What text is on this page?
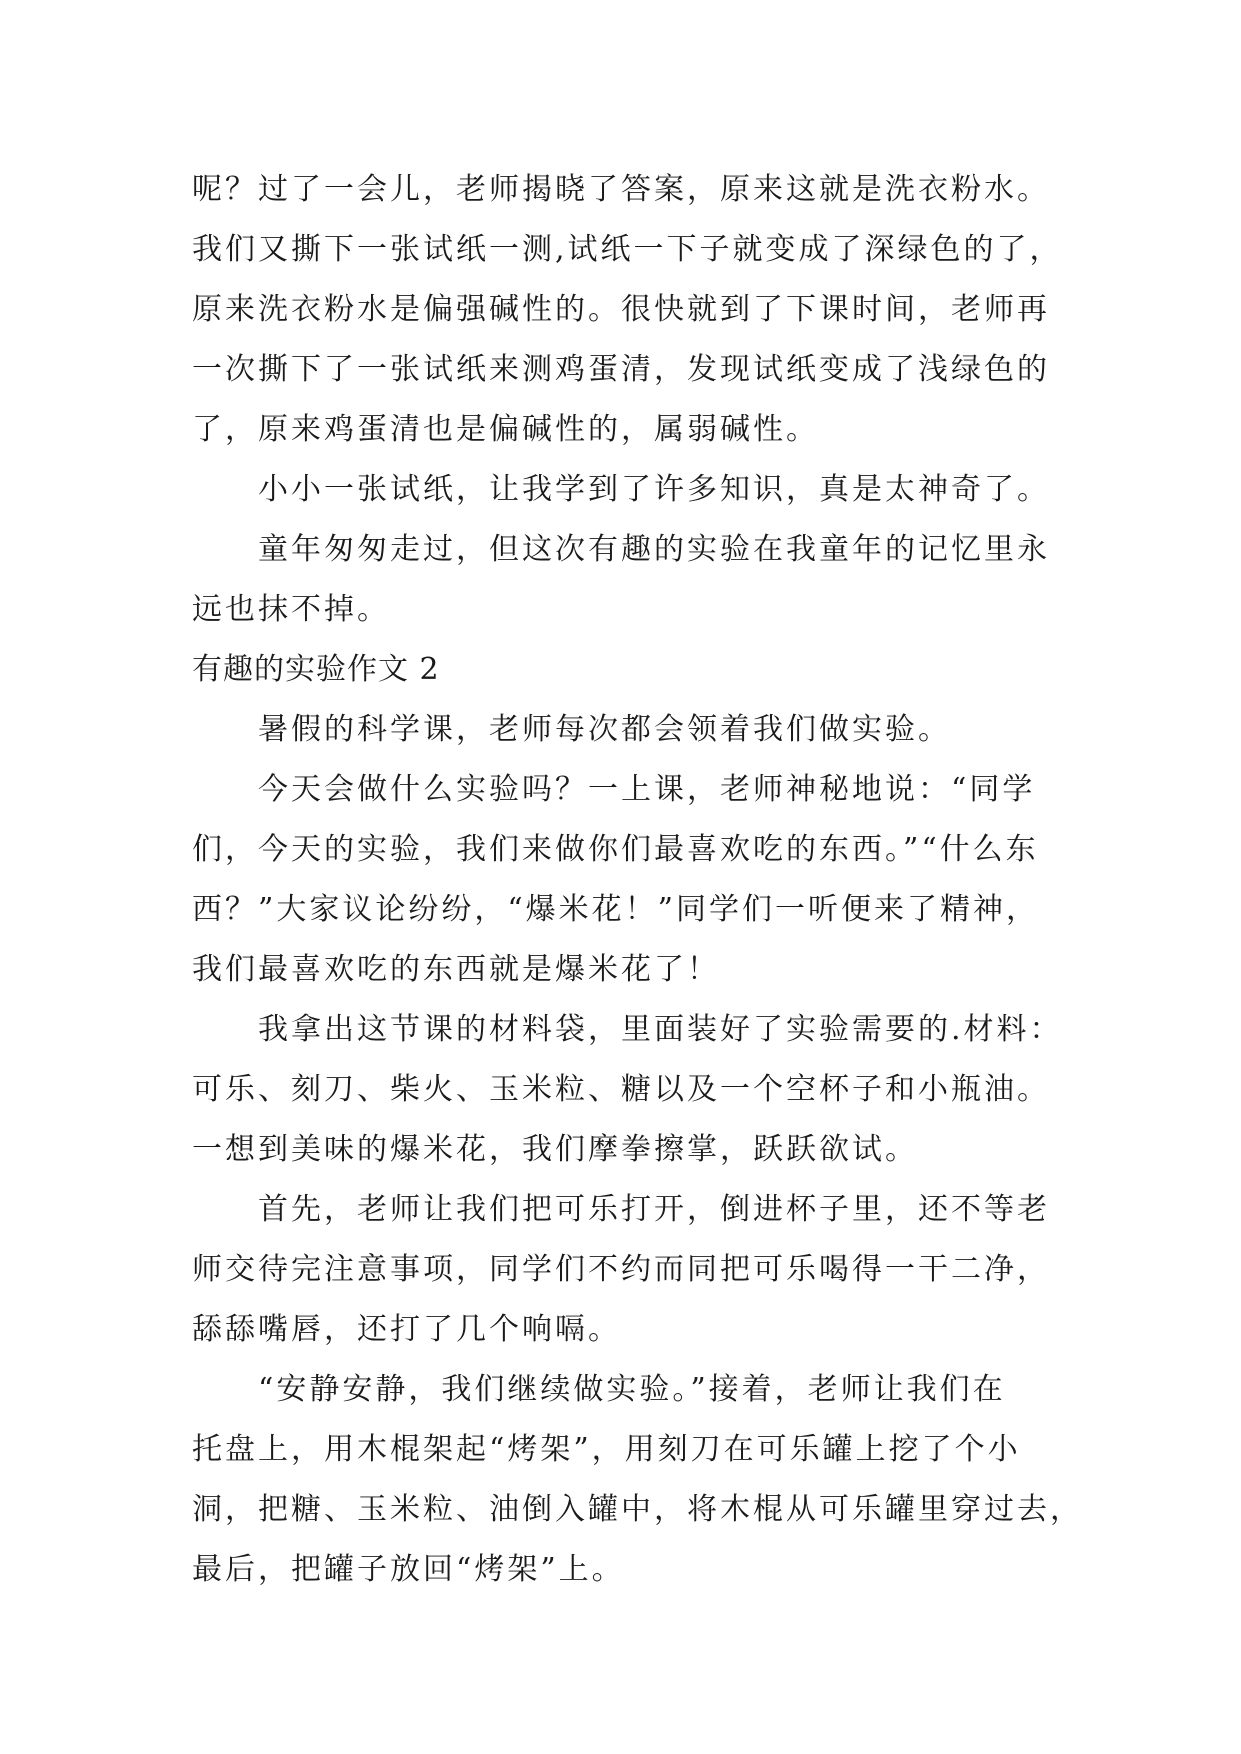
呢？过了一会儿，老师揭晓了答案，原来这就是洗衣粉水。
我们又撕下一张试纸一测,试纸一下子就变成了深绿色的了，
原来洗衣粉水是偏强碱性的。很快就到了下课时间，老师再
一次撕下了一张试纸来测鸡蛋清，发现试纸变成了浅绿色的
了，原来鸡蛋清也是偏碱性的，属弱碱性。
小小一张试纸，让我学到了许多知识，真是太神奇了。
童年匆匆走过，但这次有趣的实验在我童年的记忆里永
远也抹不掉。
有趣的实验作文 2
暑假的科学课，老师每次都会领着我们做实验。
今天会做什么实验吗？一上课，老师神秘地说：“同学
们，今天的实验，我们来做你们最喜欢吃的东西。”“什么东
西？”大家议论纷纷，“爆米花！”同学们一听便来了精神，
我们最喜欢吃的东西就是爆米花了！
我拿出这节课的材料袋，里面装好了实验需要的.材料：
可乐、刻刀、柴火、玉米粒、糖以及一个空杯子和小瓶油。
一想到美味的爆米花，我们摩拳擦掌，跃跃欲试。
首先，老师让我们把可乐打开，倒进杯子里，还不等老
师交待完注意事项，同学们不约而同把可乐喝得一干二净，
舔舔嘴唇，还打了几个响嗝。
“安静安静，我们继续做实验。”接着，老师让我们在
托盘上，用木棍架起“烤架”，用刻刀在可乐罐上挖了个小
洞，把糖、玉米粒、油倒入罐中，将木棍从可乐罐里穿过去，
最后，把罐子放回“烤架”上。
